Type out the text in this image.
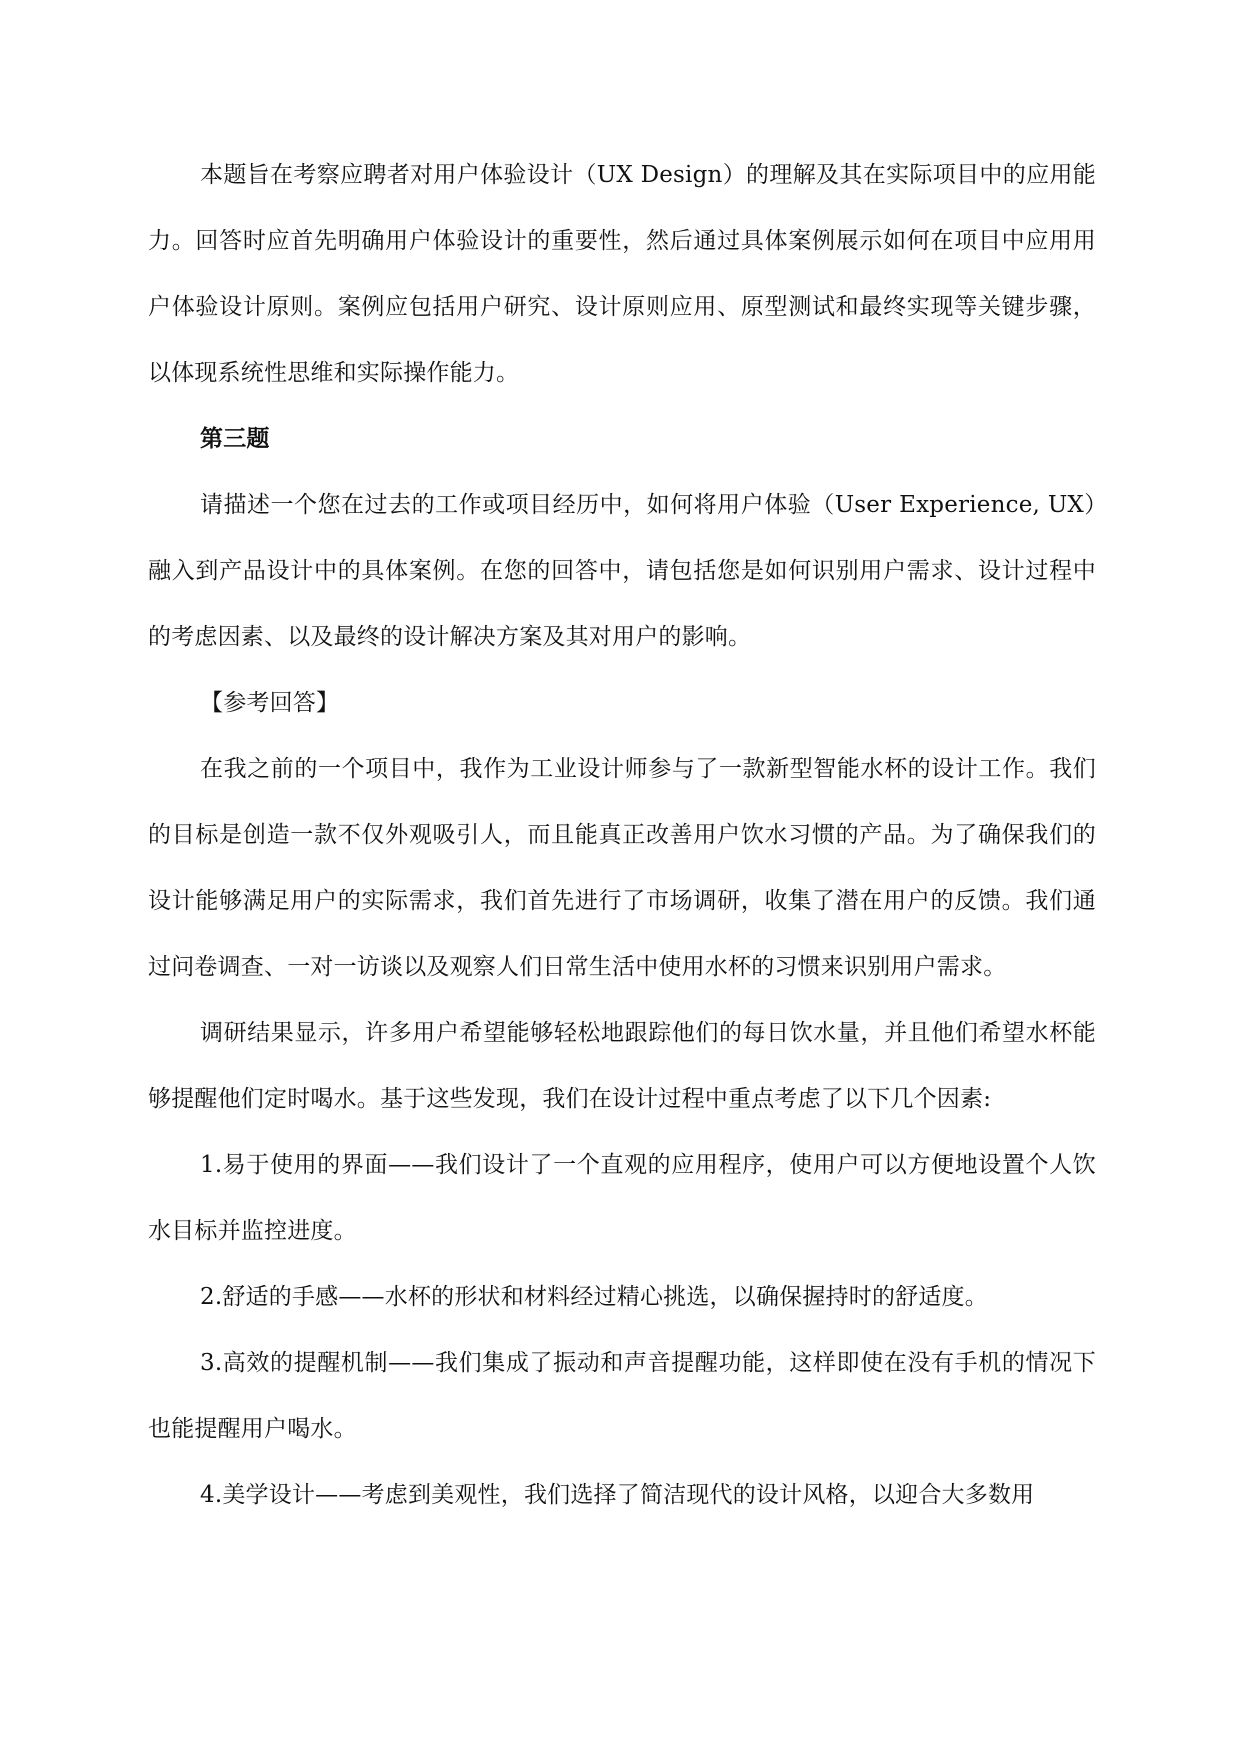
本题旨在考察应聘者对用户体验设计（UX Design）的理解及其在实际项目中的应用能力。回答时应首先明确用户体验设计的重要性，然后通过具体案例展示如何在项目中应用用户体验设计原则。案例应包括用户研究、设计原则应用、原型测试和最终实现等关键步骤，以体现系统性思维和实际操作能力。

第三题

请描述一个您在过去的工作或项目经历中，如何将用户体验（User Experience, UX）融入到产品设计中的具体案例。在您的回答中，请包括您是如何识别用户需求、设计过程中的考虑因素、以及最终的设计解决方案及其对用户的影响。

【参考回答】

在我之前的一个项目中，我作为工业设计师参与了一款新型智能水杯的设计工作。我们的目标是创造一款不仅外观吸引人，而且能真正改善用户饮水习惯的产品。为了确保我们的设计能够满足用户的实际需求，我们首先进行了市场调研，收集了潜在用户的反馈。我们通过问卷调查、一对一访谈以及观察人们日常生活中使用水杯的习惯来识别用户需求。

调研结果显示，许多用户希望能够轻松地跟踪他们的每日饮水量，并且他们希望水杯能够提醒他们定时喝水。基于这些发现，我们在设计过程中重点考虑了以下几个因素:

1.易于使用的界面——我们设计了一个直观的应用程序，使用户可以方便地设置个人饮水目标并监控进度。

2.舒适的手感——水杯的形状和材料经过精心挑选，以确保握持时的舒适度。

3.高效的提醒机制——我们集成了振动和声音提醒功能，这样即使在没有手机的情况下也能提醒用户喝水。

4.美学设计——考虑到美观性，我们选择了简洁现代的设计风格，以迎合大多数用
